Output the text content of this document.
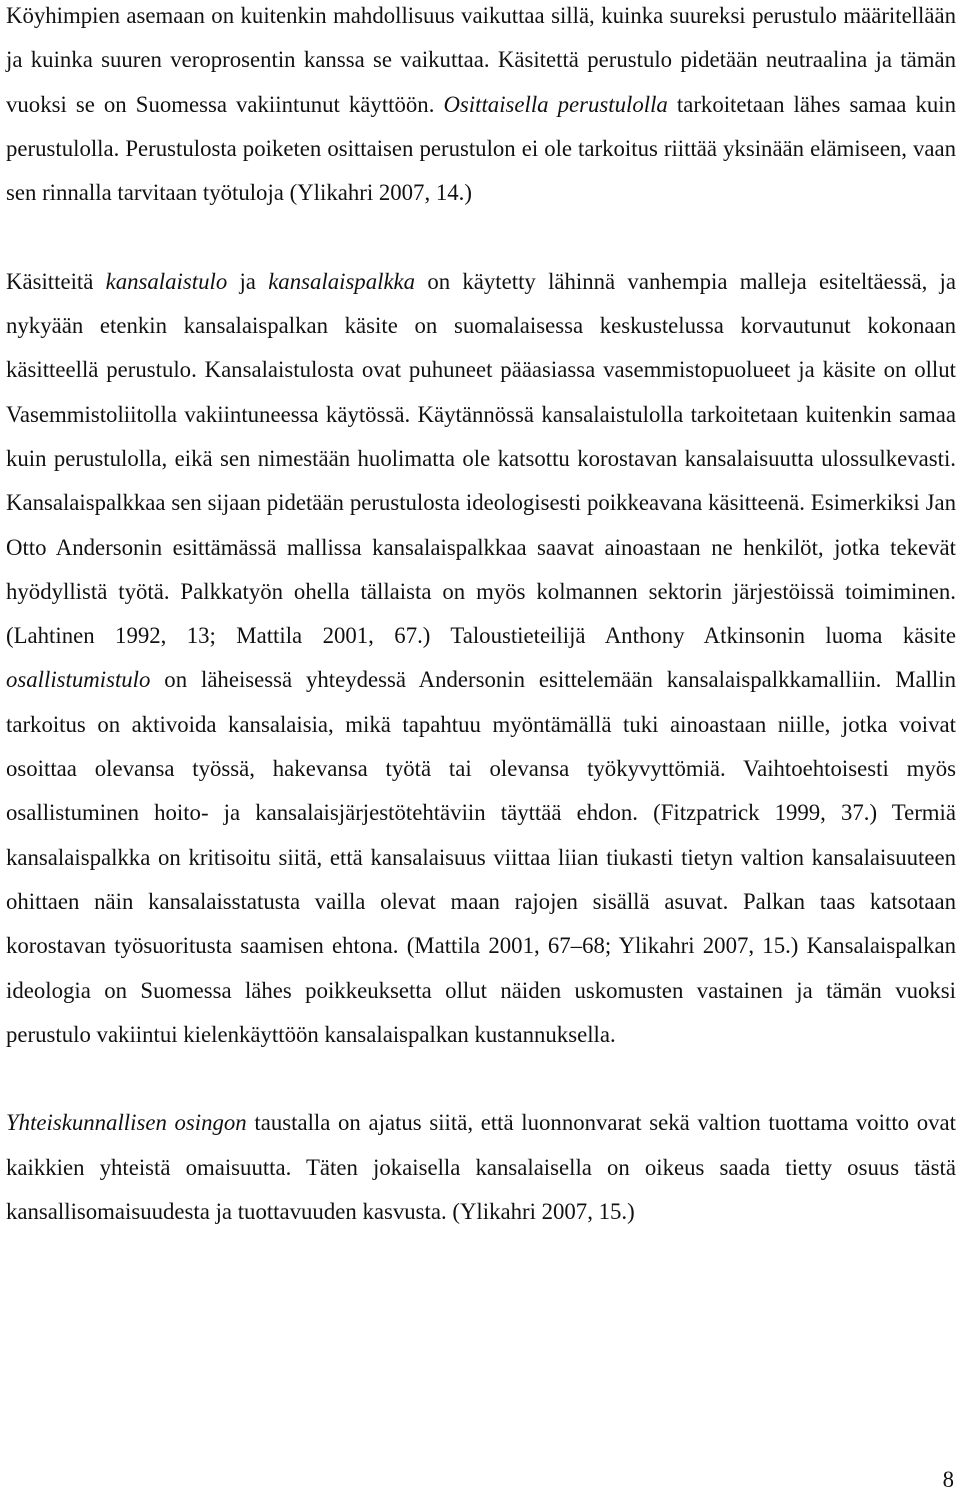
Köyhimpien asemaan on kuitenkin mahdollisuus vaikuttaa sillä, kuinka suureksi perustulo määritellään ja kuinka suuren veroprosentin kanssa se vaikuttaa. Käsitettä perustulo pidetään neutraalina ja tämän vuoksi se on Suomessa vakiintunut käyttöön. Osittaisella perustulolla tarkoitetaan lähes samaa kuin perustulolla. Perustulosta poiketen osittaisen perustulon ei ole tarkoitus riittää yksinään elämiseen, vaan sen rinnalla tarvitaan työtuloja (Ylikahri 2007, 14.)

Käsitteitä kansalaistulo ja kansalaispalkka on käytetty lähinnä vanhempia malleja esiteltäessä, ja nykyään etenkin kansalaispalkan käsite on suomalaisessa keskustelussa korvautunut kokonaan käsitteellä perustulo. Kansalaistulosta ovat puhuneet pääasiassa vasemmistopuolueet ja käsite on ollut Vasemmistoliitolla vakiintuneessa käytössä. Käytännössä kansalaistulolla tarkoitetaan kuitenkin samaa kuin perustulolla, eikä sen nimestään huolimatta ole katsottu korostavan kansalaisuutta ulossulkevasti. Kansalaispalkkaa sen sijaan pidetään perustulosta ideologisesti poikkeavana käsitteenä. Esimerkiksi Jan Otto Andersonin esittämässä mallissa kansalaispalkkaa saavat ainoastaan ne henkilöt, jotka tekevät hyödyllistä työtä. Palkkatyön ohella tällaista on myös kolmannen sektorin järjestöissä toimiminen. (Lahtinen 1992, 13; Mattila 2001, 67.) Taloustieteilijä Anthony Atkinsonin luoma käsite osallistumistulo on läheisessä yhteydessä Andersonin esittelemään kansalaispalkkamalliin. Mallin tarkoitus on aktivoida kansalaisia, mikä tapahtuu myöntämällä tuki ainoastaan niille, jotka voivat osoittaa olevansa työssä, hakevansa työtä tai olevansa työkyvyttömiä. Vaihtoehtoisesti myös osallistuminen hoito- ja kansalaisjärjestötehtäviin täyttää ehdon. (Fitzpatrick 1999, 37.) Termiä kansalaispalkka on kritisoitu siitä, että kansalaisuus viittaa liian tiukasti tietyn valtion kansalaisuuteen ohittaen näin kansalaisstatusta vailla olevat maan rajojen sisällä asuvat. Palkan taas katsotaan korostavan työsuoritusta saamisen ehtona. (Mattila 2001, 67–68; Ylikahri 2007, 15.) Kansalaispalkan ideologia on Suomessa lähes poikkeuksetta ollut näiden uskomusten vastainen ja tämän vuoksi perustulo vakiintui kielenkäyttöön kansalaispalkan kustannuksella.

Yhteiskunnallisen osingon taustalla on ajatus siitä, että luonnonvarat sekä valtion tuottama voitto ovat kaikkien yhteistä omaisuutta. Täten jokaisella kansalaisella on oikeus saada tietty osuus tästä kansallisomaisuudesta ja tuottavuuden kasvusta. (Ylikahri 2007, 15.)

8
